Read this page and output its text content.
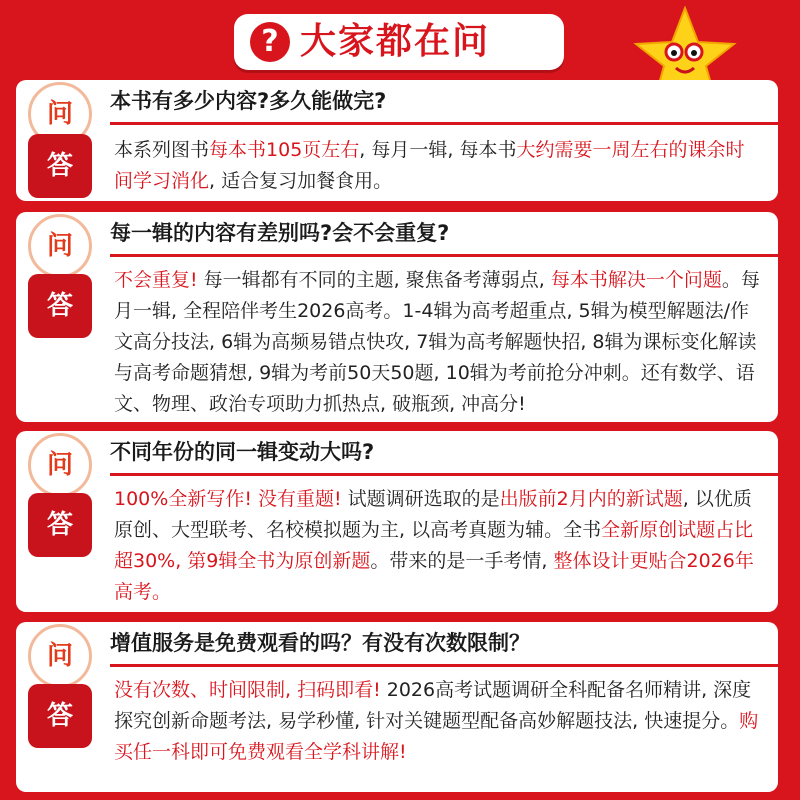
? 大家都在问
问	本书有多少内容?多久能做完?
答
本系列图书每本书105页左右, 每月一辑, 每本书大约需要一周左右的课余时间学习消化, 适合复习加餐食用。
问	每一辑的内容有差别吗?会不会重复?
答
不会重复! 每一辑都有不同的主题, 聚焦备考薄弱点, 每本书解决一个问题。每月一辑, 全程陪伴考生2026高考。1-4辑为高考超重点, 5辑为模型解题法/作文高分技法, 6辑为高频易错点快攻, 7辑为高考解题快招, 8辑为课标变化解读与高考命题猜想, 9辑为考前50天50题, 10辑为考前抢分冲刺。还有数学、语文、物理、政治专项助力抓热点, 破瓶颈, 冲高分!
问	不同年份的同一辑变动大吗?
答
100%全新写作! 没有重题! 试题调研选取的是出版前2月内的新试题, 以优质原创、大型联考、名校模拟题为主, 以高考真题为辅。全书全新原创试题占比超30%, 第9辑全书为原创新题。带来的是一手考情, 整体设计更贴合2026年高考。
问	增值服务是免费观看的吗？有没有次数限制？
答
没有次数、时间限制, 扫码即看! 2026高考试题调研全科配备名师精讲, 深度探究创新命题考法, 易学秒懂, 针对关键题型配备高妙解题技法, 快速提分。购买任一科即可免费观看全学科讲解!
